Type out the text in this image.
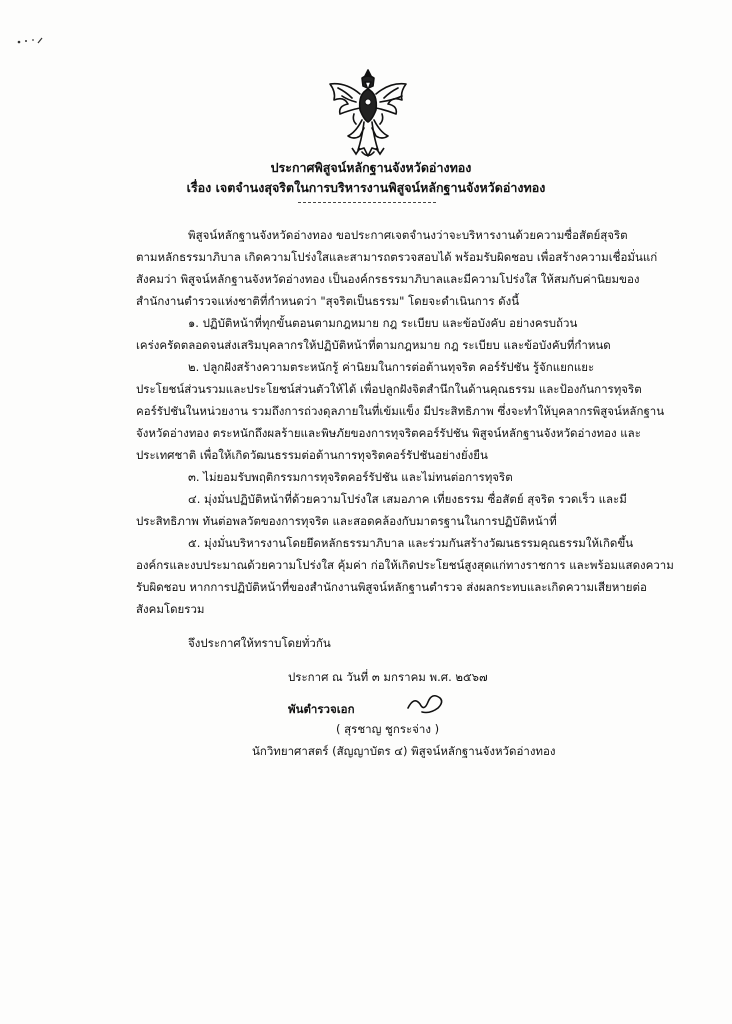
ประกาศพิสูจน์หลักฐานจังหวัดอ่างทอง
เรื่อง เจตจำนงสุจริตในการบริหารงานพิสูจน์หลักฐานจังหวัดอ่างทอง
พิสูจน์หลักฐานจังหวัดอ่างทอง ขอประกาศเจตจำนงว่าจะบริหารงานด้วยความซื่อสัตย์สุจริต
ตามหลักธรรมาภิบาล เกิดความโปร่งใสและสามารถตรวจสอบได้ พร้อมรับผิดชอบ เพื่อสร้างความเชื่อมั่นแก่
สังคมว่า พิสูจน์หลักฐานจังหวัดอ่างทอง เป็นองค์กรธรรมาภิบาลและมีความโปร่งใส ให้สมกับค่านิยมของ
สำนักงานตำรวจแห่งชาติที่กำหนดว่า "สุจริตเป็นธรรม" โดยจะดำเนินการ ดังนี้
๑. ปฏิบัติหน้าที่ทุกขั้นตอนตามกฎหมาย กฎ ระเบียบ และข้อบังคับ อย่างครบถ้วน
เคร่งครัดตลอดจนส่งเสริมบุคลากรให้ปฏิบัติหน้าที่ตามกฎหมาย กฎ ระเบียบ และข้อบังคับที่กำหนด
๒. ปลูกฝังสร้างความตระหนักรู้ ค่านิยมในการต่อต้านทุจริต คอร์รัปชัน รู้จักแยกแยะ
ประโยชน์ส่วนรวมและประโยชน์ส่วนตัวให้ได้ เพื่อปลูกฝังจิตสำนึกในด้านคุณธรรม และป้องกันการทุจริต
คอร์รัปชันในหน่วยงาน รวมถึงการถ่วงดุลภายในที่เข้มแข็ง มีประสิทธิภาพ ซึ่งจะทำให้บุคลากรพิสูจน์หลักฐาน
จังหวัดอ่างทอง ตระหนักถึงผลร้ายและพิษภัยของการทุจริตคอร์รัปชัน พิสูจน์หลักฐานจังหวัดอ่างทอง และ
ประเทศชาติ เพื่อให้เกิดวัฒนธรรมต่อต้านการทุจริตคอร์รัปชันอย่างยั่งยืน
๓. ไม่ยอมรับพฤติกรรมการทุจริตคอร์รัปชัน และไม่ทนต่อการทุจริต
๔. มุ่งมั่นปฏิบัติหน้าที่ด้วยความโปร่งใส เสมอภาค เที่ยงธรรม ซื่อสัตย์ สุจริต รวดเร็ว และมี
ประสิทธิภาพ ทันต่อพลวัตของการทุจริต และสอดคล้องกับมาตรฐานในการปฏิบัติหน้าที่
๕. มุ่งมั่นบริหารงานโดยยึดหลักธรรมาภิบาล และร่วมกันสร้างวัฒนธรรมคุณธรรมให้เกิดขึ้น
องค์กรและงบประมาณด้วยความโปร่งใส คุ้มค่า ก่อให้เกิดประโยชน์สูงสุดแก่ทางราชการ และพร้อมแสดงความ
รับผิดชอบ หากการปฏิบัติหน้าที่ของสำนักงานพิสูจน์หลักฐานตำรวจ ส่งผลกระทบและเกิดความเสียหายต่อ
สังคมโดยรวม
จึงประกาศให้ทราบโดยทั่วกัน
ประกาศ ณ วันที่ ๓ มกราคม พ.ศ. ๒๕๖๗
พันตำรวจเอก
( สุรชาญ ชูกระจ่าง )
นักวิทยาศาสตร์ (สัญญาบัตร ๔) พิสูจน์หลักฐานจังหวัดอ่างทอง
